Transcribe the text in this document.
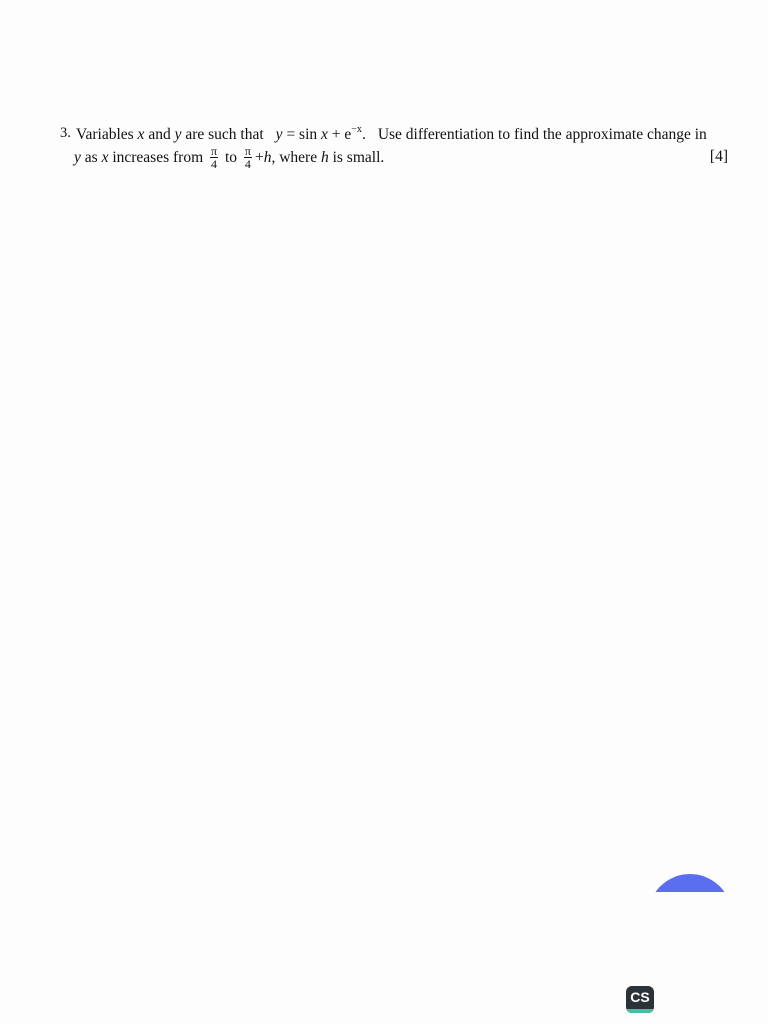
3. Variables x and y are such that $y = \sin x + e^{-x}$. Use differentiation to find the approximate change in
y as x increases from $\frac{\pi}{4}$ to $\frac{\pi}{4} +h$, where h is small.	[4]
CS
